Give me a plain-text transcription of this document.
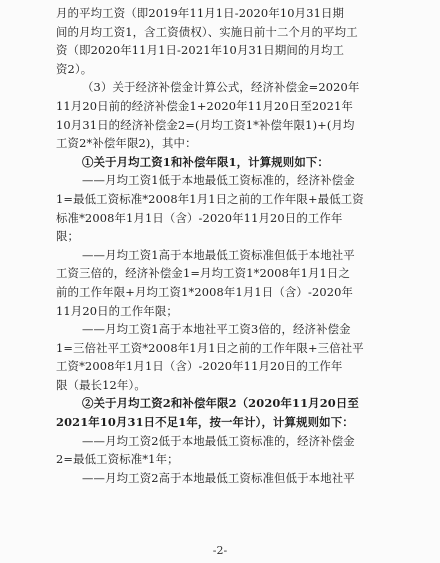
月的平均工资（即2019年11月1日-2020年10月31日期
间的月均工资1，含工资债权）、实施日前十二个月的平均工
资（即2020年11月1日-2021年10月31日期间的月均工
资2）。
（3）关于经济补偿金计算公式，经济补偿金=2020年
11月20日前的经济补偿金1+2020年11月20日至2021年
10月31日的经济补偿金2=(月均工资1*补偿年限1)+(月均
工资2*补偿年限2)，其中：
①关于月均工资1和补偿年限1，计算规则如下：
——月均工资1低于本地最低工资标准的，经济补偿金
1=最低工资标准*2008年1月1日之前的工作年限+最低工资
标准*2008年1月1日（含）-2020年11月20日的工作年
限；
——月均工资1高于本地最低工资标准但低于本地社平
工资三倍的，经济补偿金1=月均工资1*2008年1月1日之
前的工作年限+月均工资1*2008年1月1日（含）-2020年
11月20日的工作年限；
——月均工资1高于本地社平工资3倍的，经济补偿金
1=三倍社平工资*2008年1月1日之前的工作年限+三倍社平
工资*2008年1月1日（含）-2020年11月20日的工作年
限（最长12年）。
②关于月均工资2和补偿年限2（2020年11月20日至
2021年10月31日不足1年，按一年计），计算规则如下：
——月均工资2低于本地最低工资标准的，经济补偿金
2=最低工资标准*1年；
——月均工资2高于本地最低工资标准但低于本地社平
-2-
